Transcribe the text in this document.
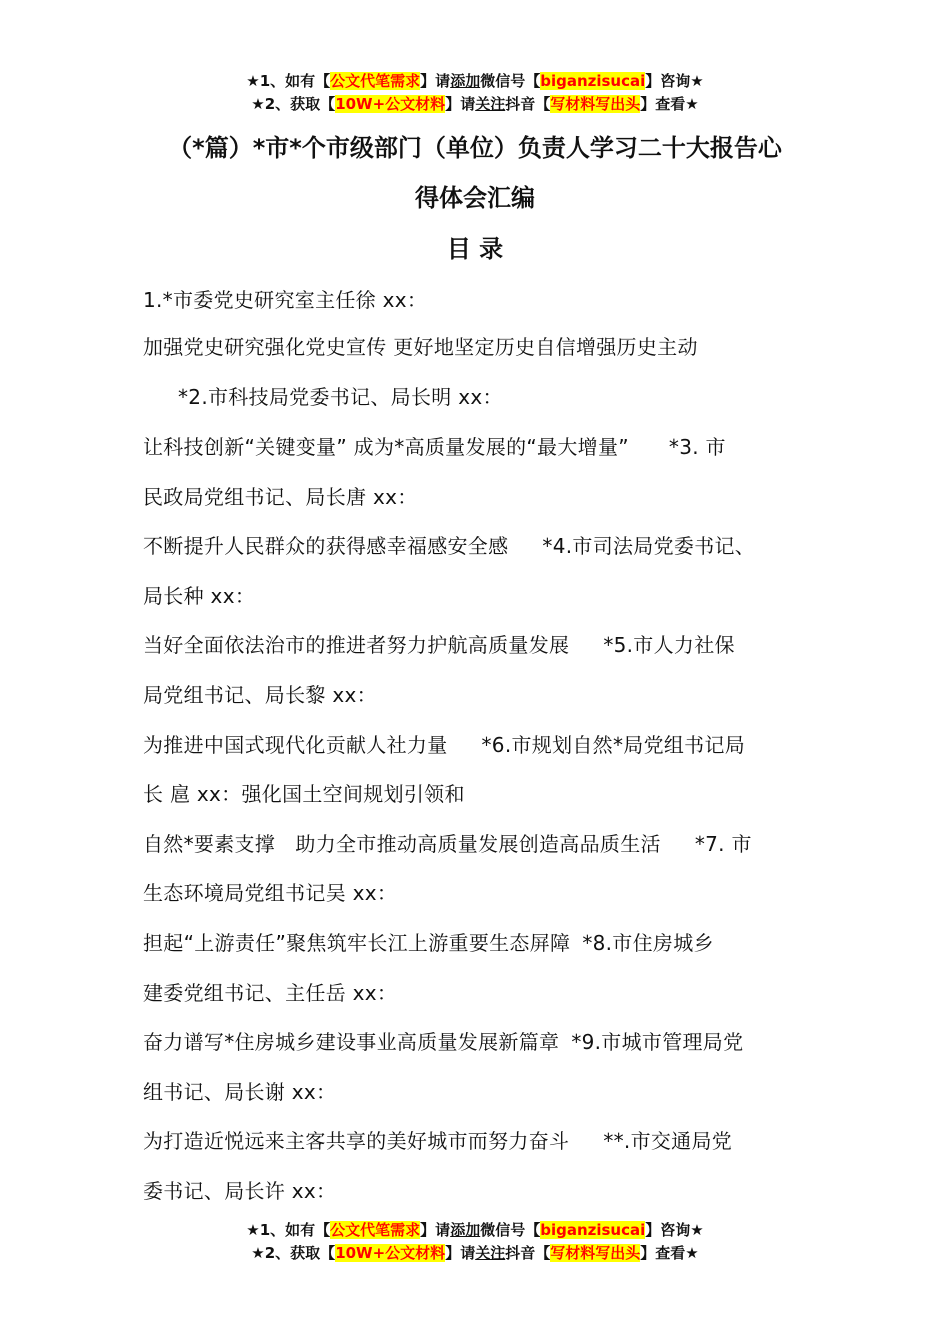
★1、如有【公文代笔需求】请添加微信号【biganzisucai】咨询★
★2、获取【10W+公文材料】请关注抖音【写材料写出头】查看★
（*篇）*市*个市级部门（单位）负责人学习二十大报告心
得体会汇编
目 录
1.*市委党史研究室主任徐 xx：
加强党史研究强化党史宣传 更好地坚定历史自信增强历史主动
*2.市科技局党委书记、局长明 xx：
让科技创新“关键变量” 成为*高质量发展的“最大增量” *3. 市
民政局党组书记、局长唐 xx：
不断提升人民群众的获得感幸福感安全感 *4.市司法局党委书记、
局长种 xx：
当好全面依法治市的推进者努力护航高质量发展 *5.市人力社保
局党组书记、局长黎 xx：
为推进中国式现代化贡献人社力量 *6.市规划自然*局党组书记局
长 扈 xx：强化国土空间规划引领和
自然*要素支撑　助力全市推动高质量发展创造高品质生活 *7. 市
生态环境局党组书记吴 xx：
担起“上游责任”聚焦筑牢长江上游重要生态屏障 *8.市住房城乡
建委党组书记、主任岳 xx：
奋力谱写*住房城乡建设事业高质量发展新篇章 *9.市城市管理局党
组书记、局长谢 xx：
为打造近悦远来主客共享的美好城市而努力奋斗 **.市交通局党
委书记、局长许 xx：
★1、如有【公文代笔需求】请添加微信号【biganzisucai】咨询★
★2、获取【10W+公文材料】请关注抖音【写材料写出头】查看★
